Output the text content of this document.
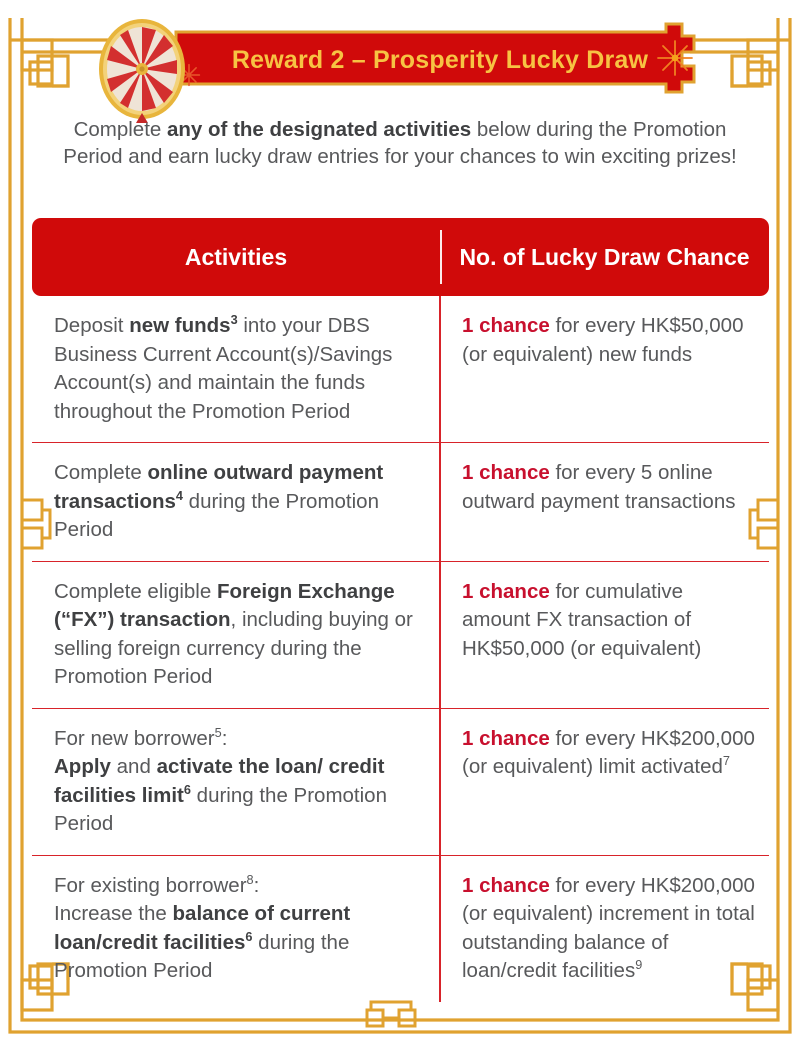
Reward 2 – Prosperity Lucky Draw
Complete any of the designated activities below during the Promotion Period and earn lucky draw entries for your chances to win exciting prizes!
Activities	No. of Lucky Draw Chance
Deposit new funds$^3$ into your DBS Business Current Account(s)/Savings Account(s) and maintain the funds throughout the Promotion Period
1 chance for every HK$50,000 (or equivalent) new funds
Complete online outward payment transactions$^4$ during the Promotion Period
1 chance for every 5 online outward payment transactions
Complete eligible Foreign Exchange (“FX”) transaction, including buying or selling foreign currency during the Promotion Period
1 chance for cumulative amount FX transaction of HK$50,000 (or equivalent)
For new borrower$^5$:
Apply and activate the loan/ credit facilities limit$^6$ during the Promotion Period
1 chance for every HK$200,000 (or equivalent) limit activated$^7$
For existing borrower$^8$:
Increase the balance of current loan/credit facilities$^6$ during the Promotion Period
1 chance for every HK$200,000 (or equivalent) increment in total outstanding balance of loan/credit facilities$^9$
